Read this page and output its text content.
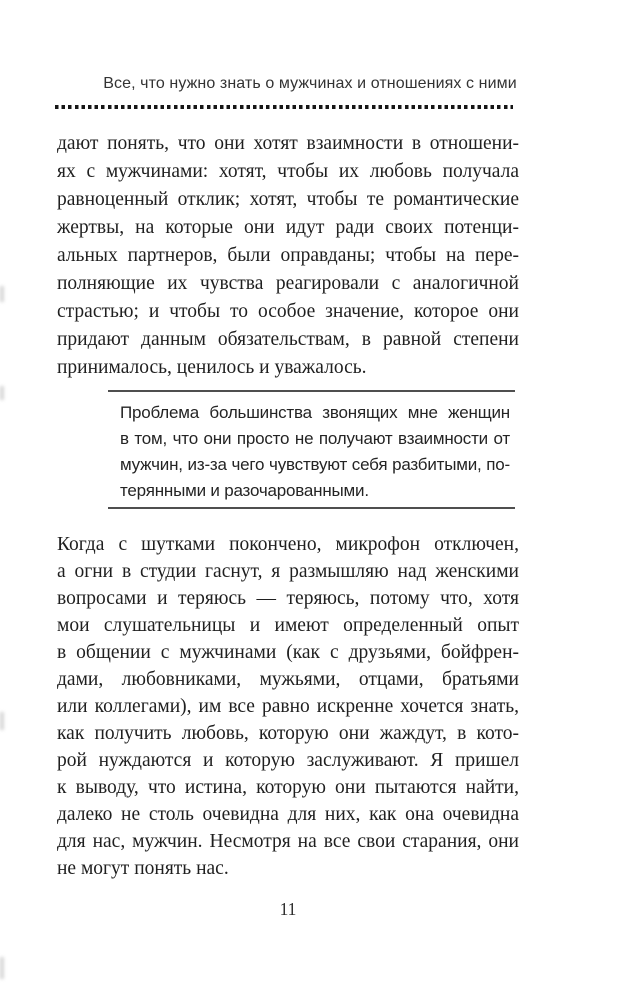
Все, что нужно знать о мужчинах и отношениях с ними
дают понять, что они хотят взаимности в отношени-
ях с мужчинами: хотят, чтобы их любовь получала
равноценный отклик; хотят, чтобы те романтические
жертвы, на которые они идут ради своих потенци-
альных партнеров, были оправданы; чтобы на пере-
полняющие их чувства реагировали с аналогичной
страстью; и чтобы то особое значение, которое они
придают данным обязательствам, в равной степени
принималось, ценилось и уважалось.
Проблема большинства звонящих мне женщин
в том, что они просто не получают взаимности от
мужчин, из-за чего чувствуют себя разбитыми, по-
терянными и разочарованными.
Когда с шутками покончено, микрофон отключен,
а огни в студии гаснут, я размышляю над женскими
вопросами и теряюсь — теряюсь, потому что, хотя
мои слушательницы и имеют определенный опыт
в общении с мужчинами (как с друзьями, бойфрен-
дами, любовниками, мужьями, отцами, братьями
или коллегами), им все равно искренне хочется знать,
как получить любовь, которую они жаждут, в кото-
рой нуждаются и которую заслуживают. Я пришел
к выводу, что истина, которую они пытаются найти,
далеко не столь очевидна для них, как она очевидна
для нас, мужчин. Несмотря на все свои старания, они
не могут понять нас.
11
